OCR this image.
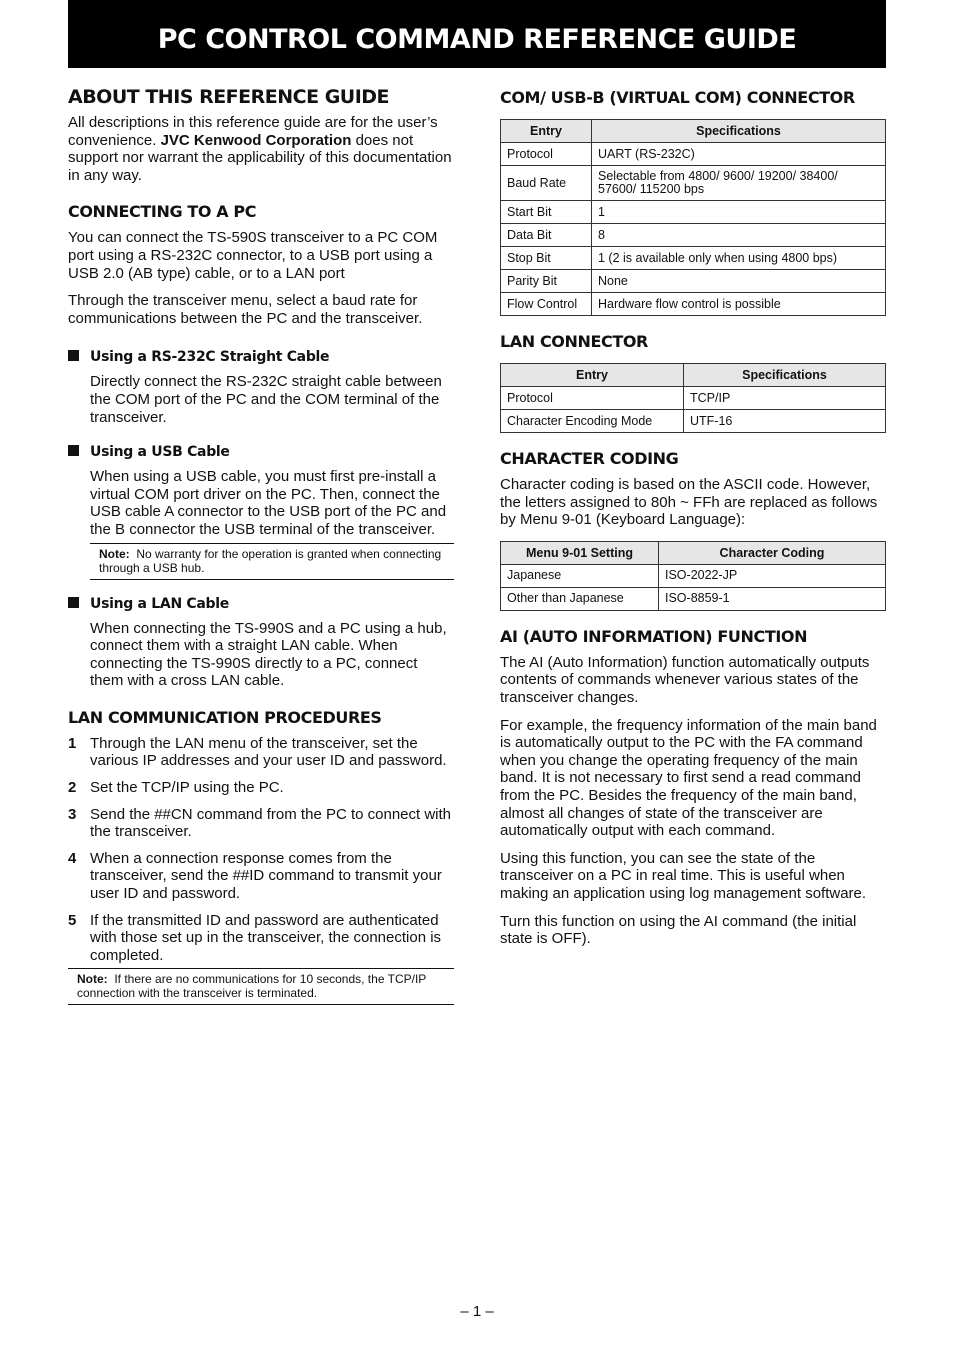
PC CONTROL COMMAND REFERENCE GUIDE
ABOUT THIS REFERENCE GUIDE

All descriptions in this reference guide are for the user’s convenience. JVC Kenwood Corporation does not support nor warrant the applicability of this documentation in any way.

CONNECTING TO A PC

You can connect the TS-590S transceiver to a PC COM port using a RS-232C connector, to a USB port using a USB 2.0 (AB type) cable, or to a LAN port

Through the transceiver menu, select a baud rate for communications between the PC and the transceiver.

Using a RS-232C Straight Cable

Directly connect the RS-232C straight cable between the COM port of the PC and the COM terminal of the transceiver.

Using a USB Cable

When using a USB cable, you must first pre-install a virtual COM port driver on the PC. Then, connect the USB cable A connector to the USB port of the PC and the B connector the USB terminal of the transceiver.

Note: No warranty for the operation is granted when connecting through a USB hub.
Using a LAN Cable

When connecting the TS-990S and a PC using a hub, connect them with a straight LAN cable. When connecting the TS-990S directly to a PC, connect them with a cross LAN cable.

LAN COMMUNICATION PROCEDURES
1 Through the LAN menu of the transceiver, set the various IP addresses and your user ID and password.
2 Set the TCP/IP using the PC.
3 Send the ##CN command from the PC to connect with the transceiver.
4 When a connection response comes from the transceiver, send the ##ID command to transmit your user ID and password.
5 If the transmitted ID and password are authenticated with those set up in the transceiver, the connection is completed.
Note: If there are no communications for 10 seconds, the TCP/IP connection with the transceiver is terminated.
COM/ USB-B (VIRTUAL COM) CONNECTOR
Entry	Specifications
Protocol	UART (RS-232C)
Baud Rate	Selectable from 4800/ 9600/ 19200/ 38400/ 57600/ 115200 bps
Start Bit	1
Data Bit	8
Stop Bit	1 (2 is available only when using 4800 bps)
Parity Bit	None
Flow Control	Hardware flow control is possible
LAN CONNECTOR
Entry	Specifications
Protocol	TCP/IP
Character Encoding Mode	UTF-16
CHARACTER CODING

Character coding is based on the ASCII code. However, the letters assigned to 80h ~ FFh are replaced as follows by Menu 9-01 (Keyboard Language):

Menu 9-01 Setting	Character Coding
Japanese	ISO-2022-JP
Other than Japanese	ISO-8859-1
AI (AUTO INFORMATION) FUNCTION

The AI (Auto Information) function automatically outputs contents of commands whenever various states of the transceiver changes.

For example, the frequency information of the main band is automatically output to the PC with the FA command when you change the operating frequency of the main band. It is not necessary to first send a read command from the PC. Besides the frequency of the main band, almost all changes of state of the transceiver are automatically output with each command.

Using this function, you can see the state of the transceiver on a PC in real time. This is useful when making an application using log management software.

Turn this function on using the AI command (the initial state is OFF).

– 1 –
